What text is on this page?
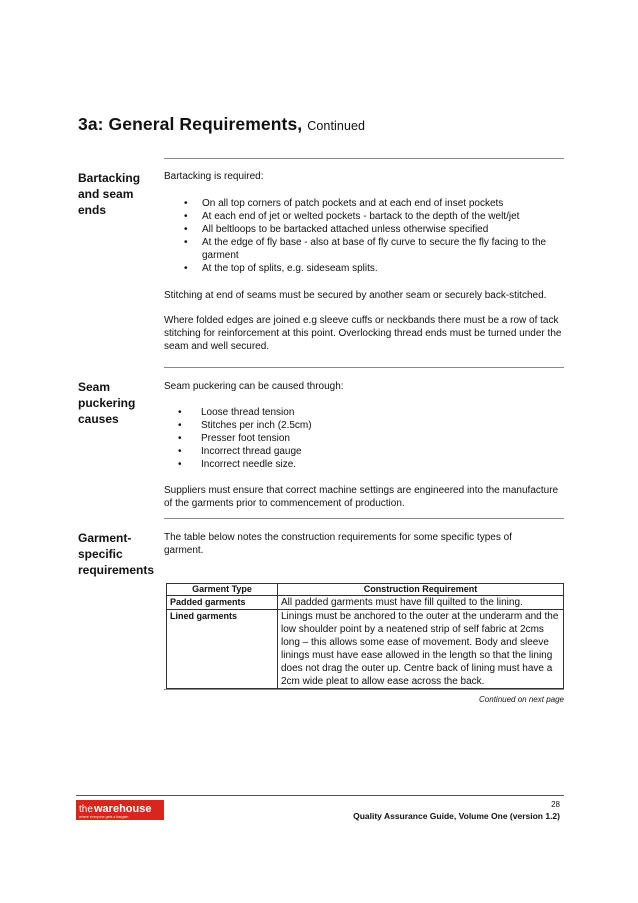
3a: General Requirements, Continued
Bartacking
and seam
ends

Bartacking is required:

• On all top corners of patch pockets and at each end of inset pockets
• At each end of jet or welted pockets - bartack to the depth of the welt/jet
• All beltloops to be bartacked attached unless otherwise specified
• At the edge of fly base - also at base of fly curve to secure the fly facing to the garment
• At the top of splits, e.g. sideseam splits.

Stitching at end of seams must be secured by another seam or securely back-stitched.

Where folded edges are joined e.g sleeve cuffs or neckbands there must be a row of tack stitching for reinforcement at this point. Overlocking thread ends must be turned under the seam and well secured.

Seam
puckering
causes

Seam puckering can be caused through:

• Loose thread tension
• Stitches per inch (2.5cm)
• Presser foot tension
• Incorrect thread gauge
• Incorrect needle size.

Suppliers must ensure that correct machine settings are engineered into the manufacture of the garments prior to commencement of production.

Garment-
specific
requirements

The table below notes the construction requirements for some specific types of garment.

Garment Type	Construction Requirement
Padded garments	All padded garments must have fill quilted to the lining.
Lined garments	Linings must be anchored to the outer at the underarm and the low shoulder point by a neatened strip of self fabric at 2cms long – this allows some ease of movement. Body and sleeve linings must have ease allowed in the length so that the lining does not drag the outer up. Centre back of lining must have a 2cm wide pleat to allow ease across the back.
Continued on next page
the warehouse
where everyone gets a bargain
28
Quality Assurance Guide, Volume One (version 1.2)
